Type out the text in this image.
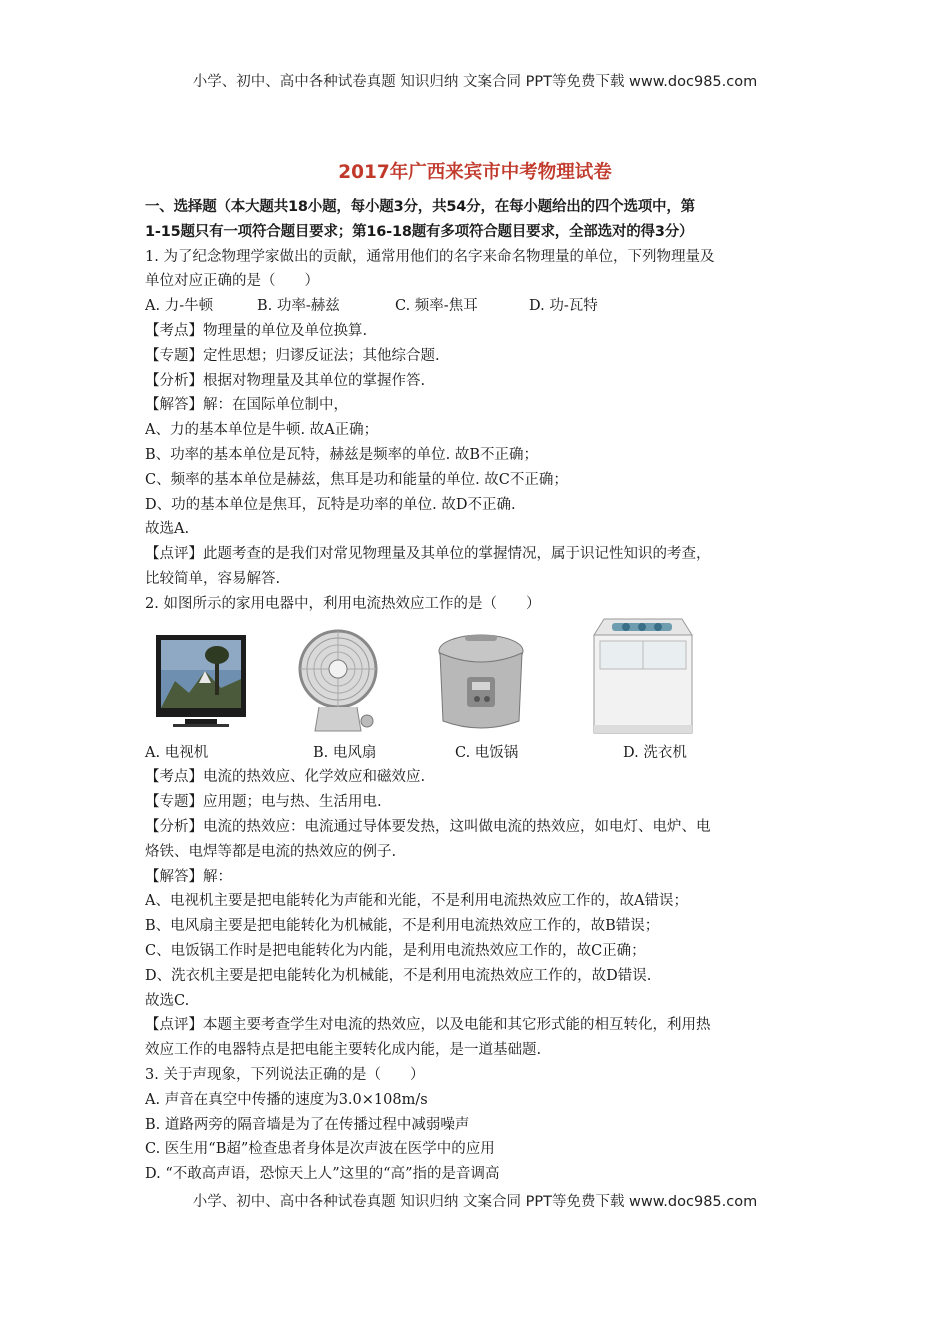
小学、初中、高中各种试卷真题 知识归纳 文案合同 PPT等免费下载 www.doc985.com
2017年广西来宾市中考物理试卷
一、选择题（本大题共18小题，每小题3分，共54分，在每小题给出的四个选项中，第
1-15题只有一项符合题目要求；第16-18题有多项符合题目要求，全部选对的得3分）
1. 为了纪念物理学家做出的贡献，通常用他们的名字来命名物理量的单位，下列物理量及
单位对应正确的是（　　）
A. 力-牛顿	B. 功率-赫兹	C. 频率-焦耳	D. 功-瓦特
【考点】物理量的单位及单位换算.
【专题】定性思想；归谬反证法；其他综合题.
【分析】根据对物理量及其单位的掌握作答.
【解答】解：在国际单位制中，
A、力的基本单位是牛顿. 故A正确；
B、功率的基本单位是瓦特，赫兹是频率的单位. 故B不正确；
C、频率的基本单位是赫兹，焦耳是功和能量的单位. 故C不正确；
D、功的基本单位是焦耳，瓦特是功率的单位. 故D不正确.
故选A.
【点评】此题考查的是我们对常见物理量及其单位的掌握情况，属于识记性知识的考查，
比较简单，容易解答.
2. 如图所示的家用电器中，利用电流热效应工作的是（　　）
A. 电视机	B. 电风扇	C. 电饭锅	D. 洗衣机
【考点】电流的热效应、化学效应和磁效应.
【专题】应用题；电与热、生活用电.
【分析】电流的热效应：电流通过导体要发热，这叫做电流的热效应，如电灯、电炉、电
烙铁、电焊等都是电流的热效应的例子.
【解答】解：
A、电视机主要是把电能转化为声能和光能，不是利用电流热效应工作的，故A错误；
B、电风扇主要是把电能转化为机械能，不是利用电流热效应工作的，故B错误；
C、电饭锅工作时是把电能转化为内能，是利用电流热效应工作的，故C正确；
D、洗衣机主要是把电能转化为机械能，不是利用电流热效应工作的，故D错误.
故选C.
【点评】本题主要考查学生对电流的热效应，以及电能和其它形式能的相互转化，利用热
效应工作的电器特点是把电能主要转化成内能，是一道基础题.
3. 关于声现象，下列说法正确的是（　　）
A. 声音在真空中传播的速度为3.0×108m/s
B. 道路两旁的隔音墙是为了在传播过程中减弱噪声
C. 医生用“B超”检查患者身体是次声波在医学中的应用
D. “不敢高声语，恐惊天上人”这里的“高”指的是音调高
小学、初中、高中各种试卷真题 知识归纳 文案合同 PPT等免费下载 www.doc985.com
